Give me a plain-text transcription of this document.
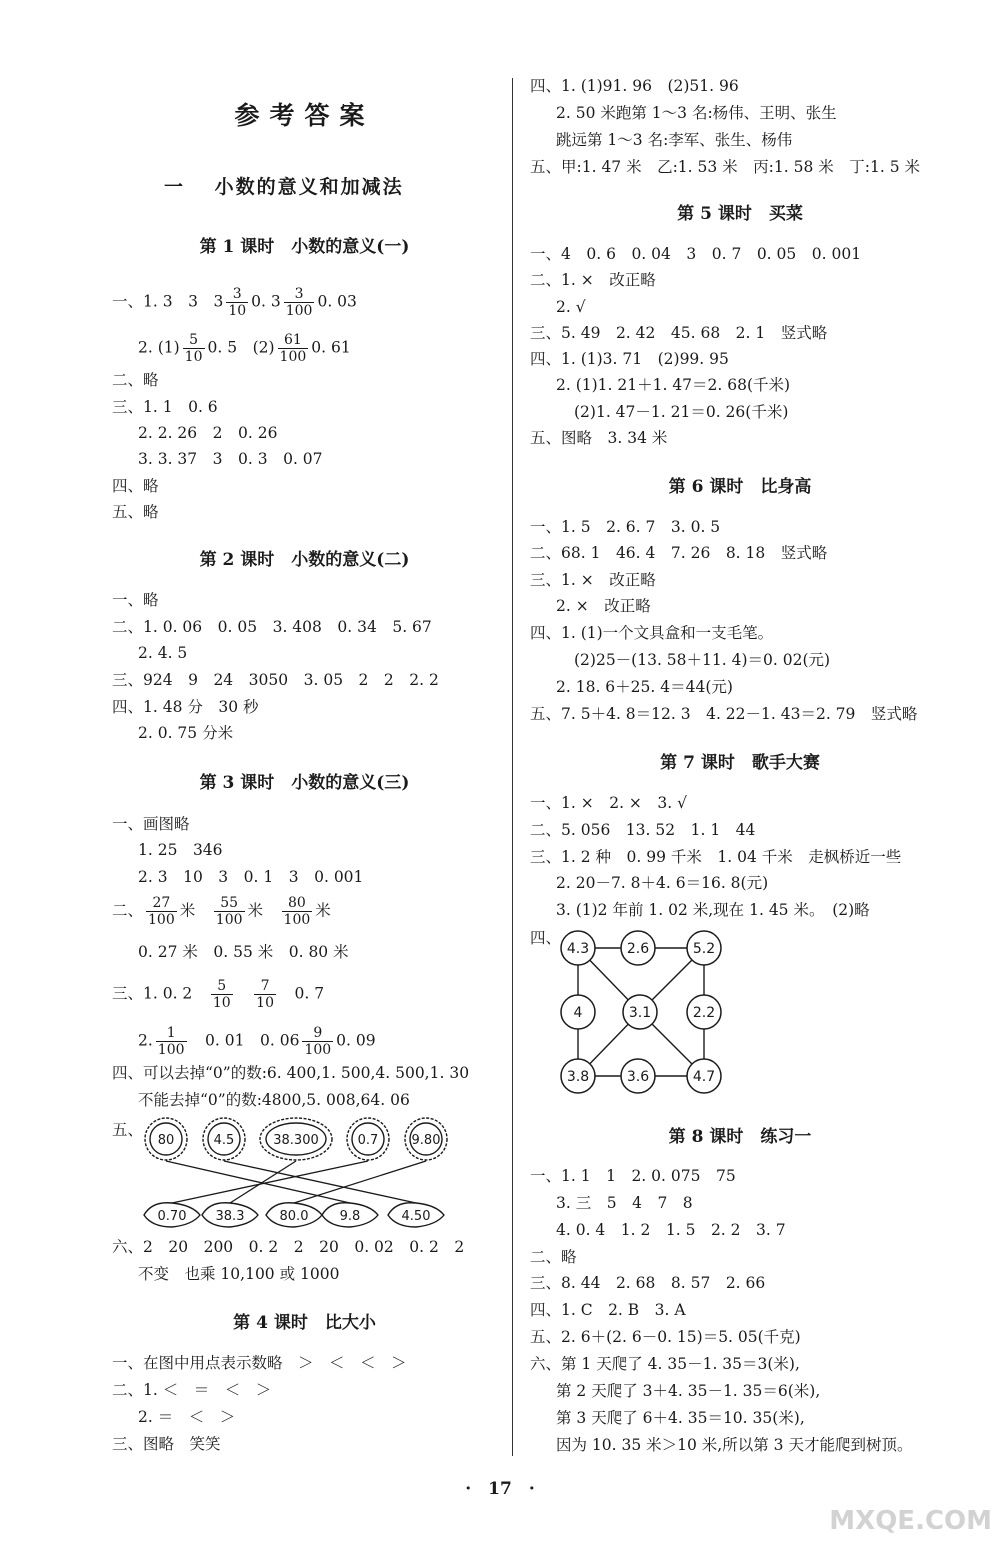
参考答案
一　 小数的意义和加减法
第 1 课时　小数的意义(一)
一、1. 3　3　$3 \frac{3}{10} 0$. $3 \frac{3}{100} 0$. 03
2. $(1) \frac{5}{10} 0$. 5　$(2) \frac{61}{100} 0$. 61
二、略
三、1. 1　0. 6
2. 2. 26　2　0. 26
3. 3. 37　3　0. 3　0. 07
四、略
五、略
第 2 课时　小数的意义(二)
一、略
二、1. 0. 06　0. 05　3. 408　0. 34　5. 67
2. 4. 5
三、924　9　24　3050　3. 05　2　2　2. 2
四、1. 48 分　30 秒
2. 0. 75 分米
第 3 课时　小数的意义(三)
一、画图略
1. 25　346
2. 3　10　3　0. 1　3　0. 001
二、 $\frac{27}{100}$ 米　 $\frac{55}{100}$ 米　 $\frac{80}{100}$ 米
0. 27 米　0. 55 米　0. 80 米
三、1. 0. 2　 $\frac{5}{10}$
　 $\frac{7}{10}$
　 0. 7
2. $\frac{1}{100}$
　 0. 01　0. $06 \frac{9}{100} 0$. 09
四、可以去掉“0”的数:6. 400,1. 500,4. 500,1. 30
不能去掉“0”的数:4800,5. 008,64. 06
五、
80	4.5	38.300	0.7	9.80
0.70 38.3	80.0 9.8	4.50
六、2　20　200　0. 2　2　20　0. 02　0. 2　2
不变　也乘 10,100 或 1000
第 4 课时　比大小
一、在图中用点表示数略　＞　＜　＜　＞
二、1. ＜　＝　＜　＞
2. ＝　＜　＞
三、图略　笑笑
四、1. (1)91. 96　(2)51. 96
2. 50 米跑第 1～3 名:杨伟、王明、张生
跳远第 1～3 名:李军、张生、杨伟
五、甲:1. 47 米　乙:1. 53 米　丙:1. 58 米　丁:1. 5 米
第 5 课时　买菜
一、4　0. 6　0. 04　3　0. 7　0. 05　0. 001
二、1. ×　改正略
2. √
三、5. 49　2. 42　45. 68　2. 1　竖式略
四、1. (1)3. 71　(2)99. 95
2. (1)1. 21＋1. 47＝2. 68(千米)
(2)1. 47－1. 21＝0. 26(千米)
五、图略　3. 34 米
第 6 课时　比身高
一、1. 5　2. 6. 7　3. 0. 5
二、68. 1　46. 4　7. 26　8. 18　竖式略
三、1. ×　改正略
2. ×　改正略
四、1. (1)一个文具盒和一支毛笔。
(2)25－(13. 58＋11. 4)＝0. 02(元)
2. 18. 6＋25. 4＝44(元)
五、7. 5＋4. 8＝12. 3　4. 22－1. 43＝2. 79　竖式略
第 7 课时　歌手大赛
一、1. ×　2. ×　3. √
二、5. 056　13. 52　1. 1　44
三、1. 2 种　0. 99 千米　1. 04 千米　走枫桥近一些
2. 20－7. 8＋4. 6＝16. 8(元)
3. (1)2 年前 1. 02 米,现在 1. 45 米。　(2)略
四、
4.3	2.6	5.2
4	3.1	2.2
3.8	3.6	4.7
第 8 课时　练习一
一、1. 1　1　2. 0. 075　75
3. 三　5　4　7　8
4. 0. 4　1. 2　1. 5　2. 2　3. 7
二、略
三、8. 44　2. 68　8. 57　2. 66
四、1. C　2. B　3. A
五、2. 6＋(2. 6－0. 15)＝5. 05(千克)
六、第 1 天爬了 4. 35－1. 35＝3(米),
第 2 天爬了 3＋4. 35－1. 35＝6(米),
第 3 天爬了 6＋4. 35＝10. 35(米),
因为 10. 35 米＞10 米,所以第 3 天才能爬到树顶。
·　17　·
MXQE.COM
